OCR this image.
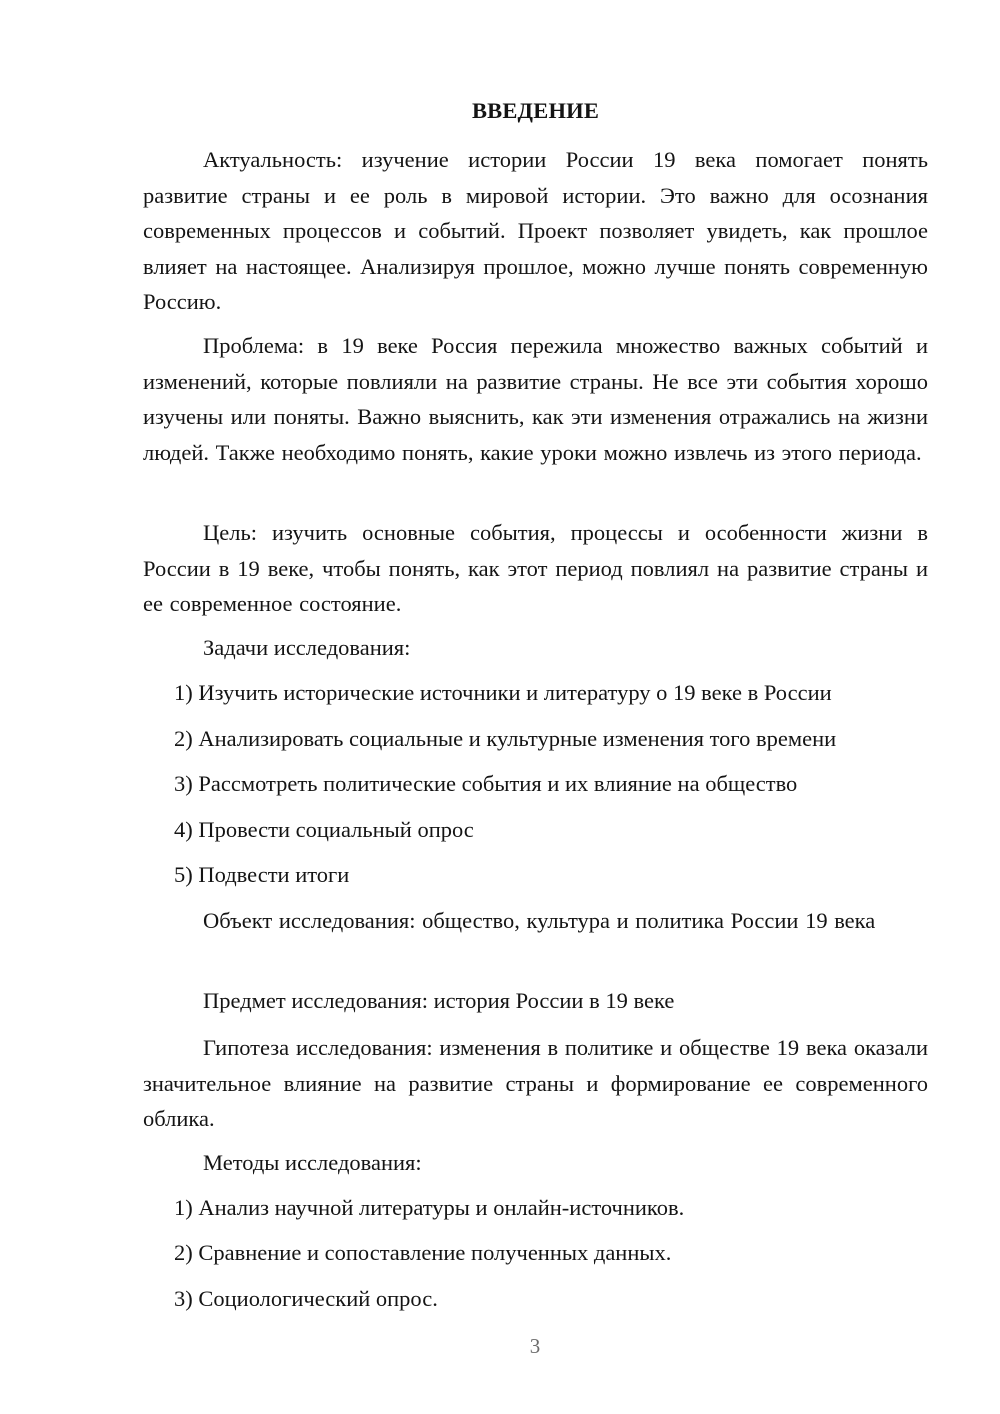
ВВЕДЕНИЕ

Актуальность: изучение истории России 19 века помогает понять развитие страны и ее роль в мировой истории. Это важно для осознания современных процессов и событий. Проект позволяет увидеть, как прошлое влияет на настоящее. Анализируя прошлое, можно лучше понять современную Россию.

Проблема: в 19 веке Россия пережила множество важных событий и изменений, которые повлияли на развитие страны. Не все эти события хорошо изучены или поняты. Важно выяснить, как эти изменения отражались на жизни людей. Также необходимо понять, какие уроки можно извлечь из этого периода.

Цель: изучить основные события, процессы и особенности жизни в России в 19 веке, чтобы понять, как этот период повлиял на развитие страны и ее современное состояние.

Задачи исследования:

1) Изучить исторические источники и литературу о 19 веке в России

2) Анализировать социальные и культурные изменения того времени

3) Рассмотреть политические события и их влияние на общество

4) Провести социальный опрос

5) Подвести итоги

Объект исследования: общество, культура и политика России 19 века

Предмет исследования: история России в 19 веке

Гипотеза исследования: изменения в политике и обществе 19 века оказали значительное влияние на развитие страны и формирование ее современного облика.

Методы исследования:

1) Анализ научной литературы и онлайн-источников.

2) Сравнение и сопоставление полученных данных.

3) Социологический опрос.

3
